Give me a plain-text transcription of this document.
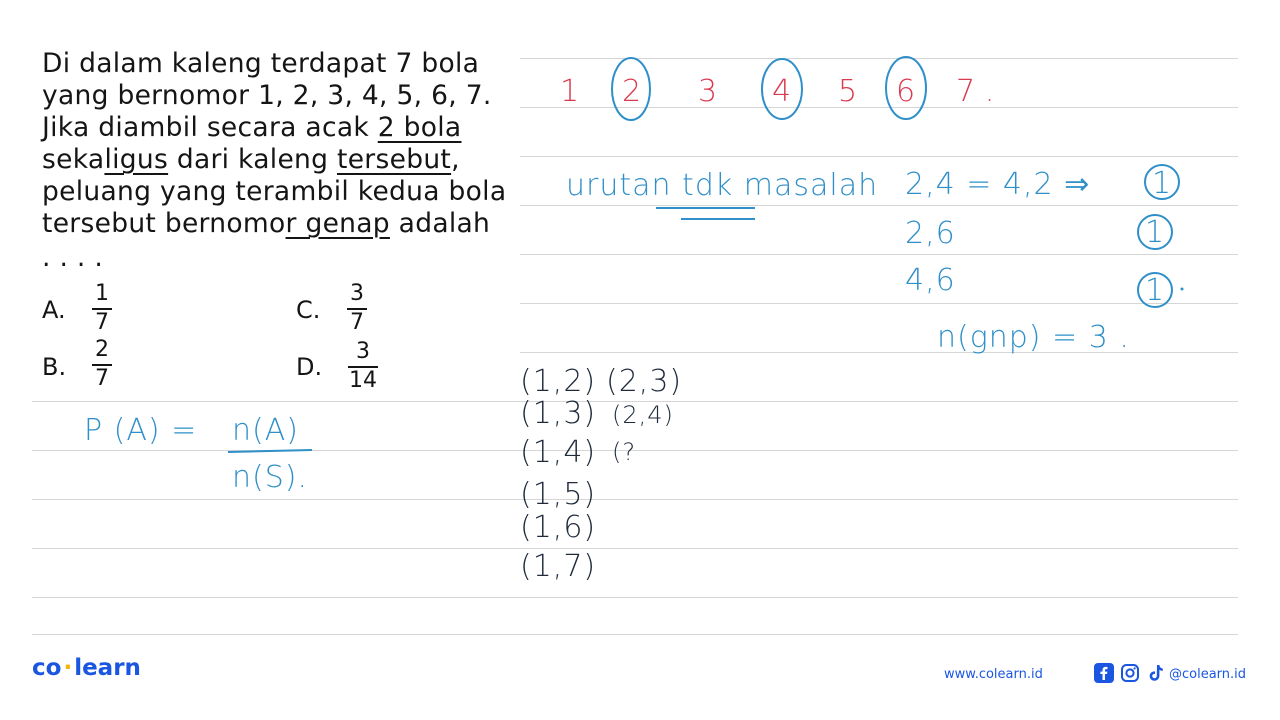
Di dalam kaleng terdapat 7 bola
yang bernomor 1, 2, 3, 4, 5, 6, 7.
Jika diambil secara acak 2 bola
sekaligus dari kaleng tersebut,
peluang yang terambil kedua bola
tersebut bernomor genap adalah
. . . .
A.
1
7
B.
2
7
C.
3
7
D.
3
14
1 2 3 4 5 6 7 .
urutan tdk masalah 2,4 = 4,2 ⇒
2,6
4,6
1
1
1
n(gnp) = 3 .
P (A) = n(A)
n(S).
(1,2)
(1,3)
(1,4)
(1,5)
(1,6)
(1,7)
(2,3)
(2,4)
(?
co·learn	www.colearn.id	@colearn.id
